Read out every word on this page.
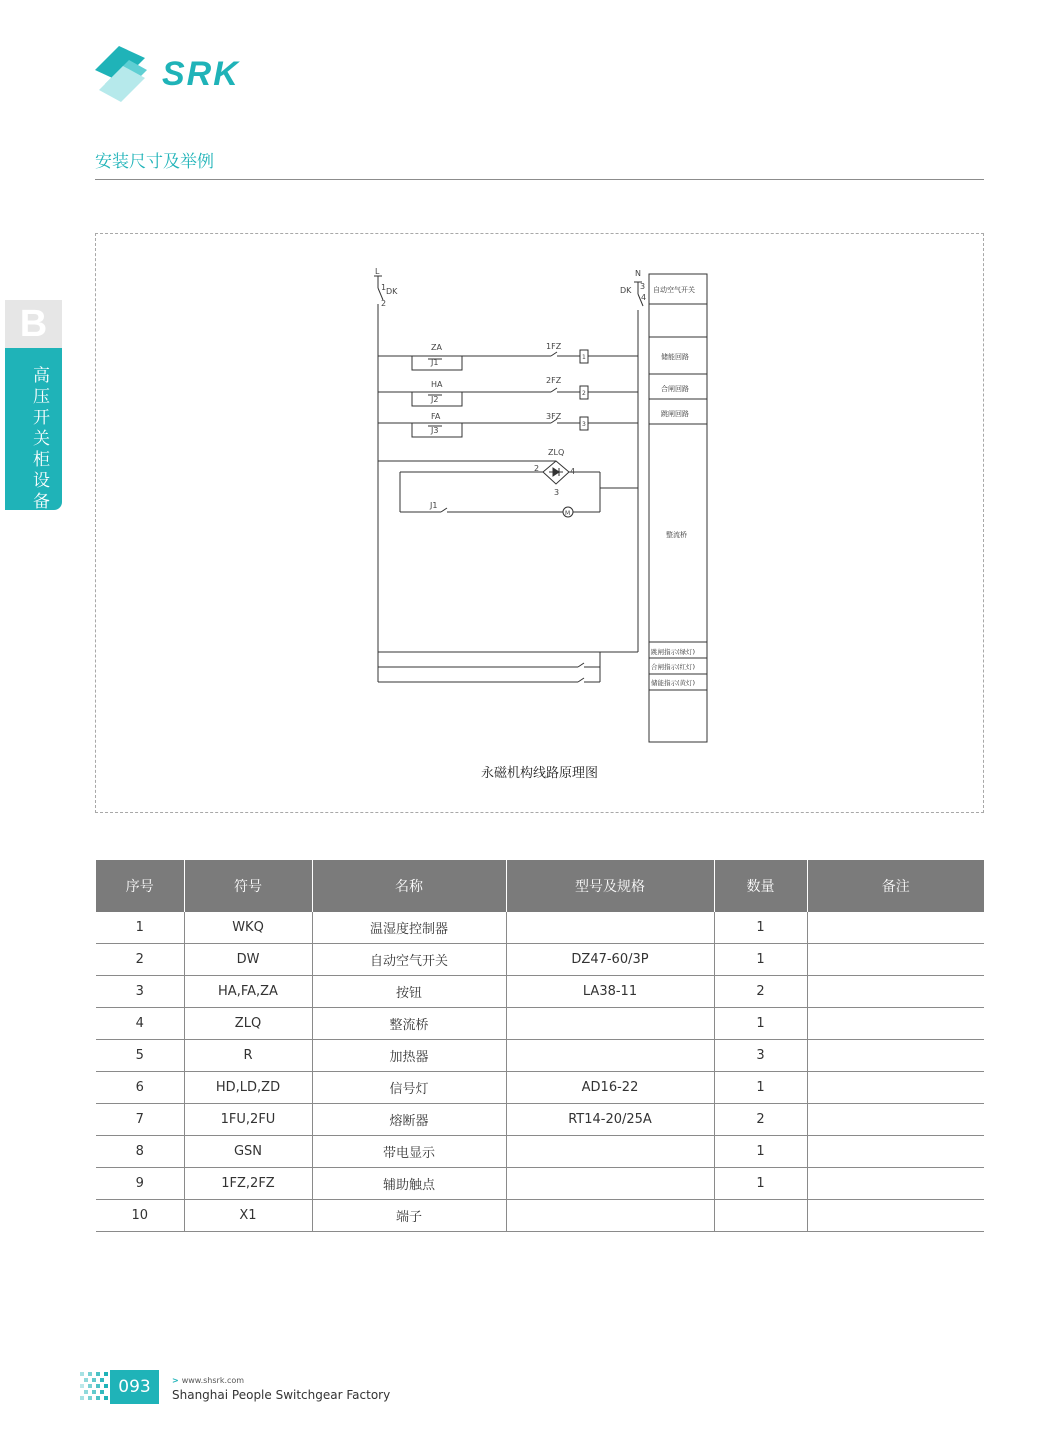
SRK
安装尺寸及举例
B
高压开关柜设备
L	N
1 DK
2
DK 3
4
ZA
HA
FA
J1
J2
J3
J1
1FZ
2FZ
3FZ
1
2
3
ZLQ
2
3
4
M
自动空气开关
储能回路
合闸回路
跳闸回路
整流桥
跳闸指示(绿灯)
合闸指示(红灯)
储能指示(黄灯)
永磁机构线路原理图
序号	符号	名称	型号及规格	数量	备注
1	WKQ	温湿度控制器		1	
2	DW	自动空气开关	DZ47-60/3P	1	
3	HA,FA,ZA	按钮	LA38-11	2	
4	ZLQ	整流桥		1	
5	R	加热器		3	
6	HD,LD,ZD	信号灯	AD16-22	1	
7	1FU,2FU	熔断器	RT14-20/25A	2	
8	GSN	带电显示		1	
9	1FZ,2FZ	辅助触点		1	
10	X1	端子			
093	> www.shsrk.com
Shanghai People Switchgear Factory
